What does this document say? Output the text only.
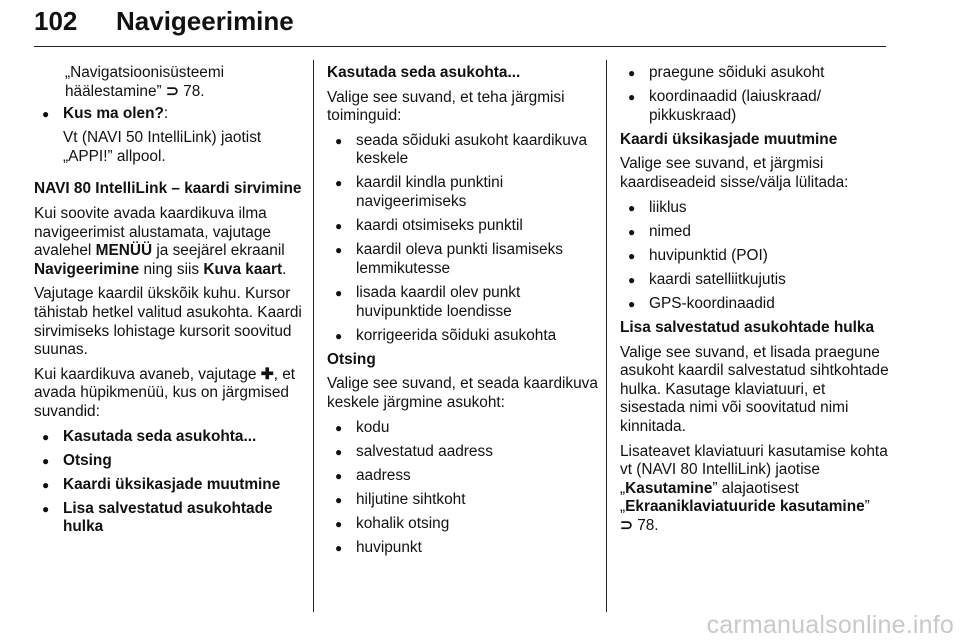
102 Navigeerimine

„Navigatsioonisüsteemi
häälestamine” ⊃ 78.

● Kus ma olen?:

Vt (NAVI 50 IntelliLink) jaotist „APPI!” allpool.

NAVI 80 IntelliLink – kaardi sirvimine

Kui soovite avada kaardikuva ilma navigeerimist alustamata, vajutage avalehel MENÜÜ ja seejärel ekraanil Navigeerimine ning siis Kuva kaart.

Vajutage kaardil ükskõik kuhu. Kursor tähistab hetkel valitud asukohta. Kaardi sirvimiseks lohistage kursorit soovitud suunas.

Kui kaardikuva avaneb, vajutage ✚, et avada hüpikmenüü, kus on järgmised suvandid:

● Kasutada seda asukohta...
● Otsing
● Kaardi üksikasjade muutmine
● Lisa salvestatud asukohtade hulka

Kasutada seda asukohta...

Valige see suvand, et teha järgmisi toiminguid:

● seada sõiduki asukoht kaardikuva keskele
● kaardil kindla punktini navigeerimiseks
● kaardi otsimiseks punktil
● kaardil oleva punkti lisamiseks lemmikutesse
● lisada kaardil olev punkt huvipunktide loendisse
● korrigeerida sõiduki asukohta

Otsing

Valige see suvand, et seada kaardikuva keskele järgmine asukoht:

● kodu
● salvestatud aadress
● aadress
● hiljutine sihtkoht
● kohalik otsing
● huvipunkt
● praegune sõiduki asukoht
● koordinaadid (laiuskraad/ pikkuskraad)

Kaardi üksikasjade muutmine

Valige see suvand, et järgmisi kaardiseadeid sisse/välja lülitada:

● liiklus
● nimed
● huvipunktid (POI)
● kaardi satelliitkujutis
● GPS-koordinaadid

Lisa salvestatud asukohtade hulka

Valige see suvand, et lisada praegune asukoht kaardil salvestatud sihtkohtade hulka. Kasutage klaviatuuri, et sisestada nimi või soovitatud nimi kinnitada.

Lisateavet klaviatuuri kasutamise kohta vt (NAVI 80 IntelliLink) jaotise „Kasutamine” alajaotisest „Ekraaniklaviatuuride kasutamine”
⊃ 78.

carmanualsonline.info
